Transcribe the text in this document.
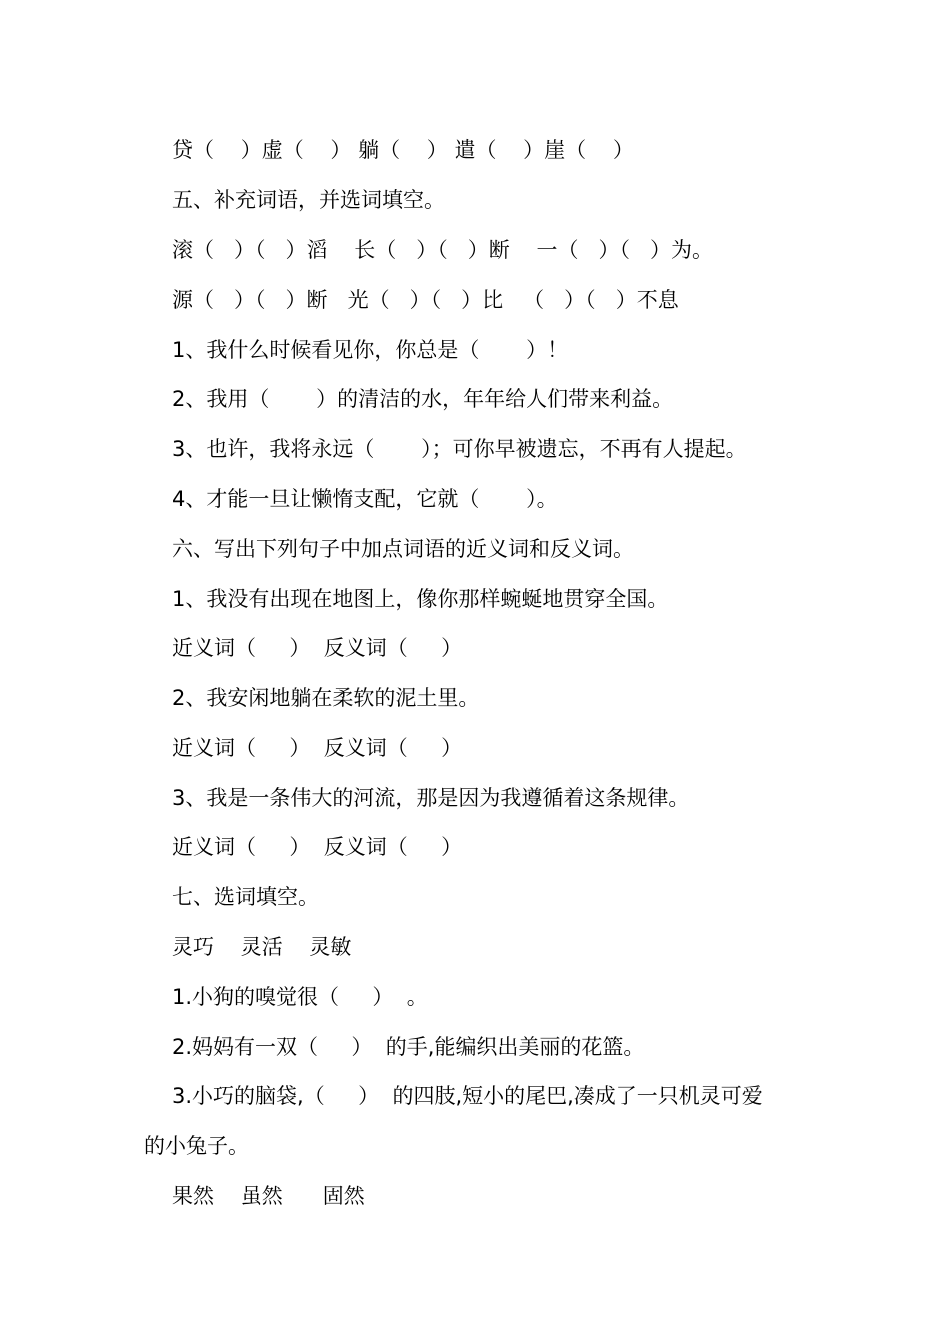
贷（    ）虚（    ） 躺（    ） 遣（    ）崖（    ）

五、补充词语，并选词填空。

滚（   ）（   ）滔    长（   ）（   ）断    一（   ）（   ）为。

源（   ）（   ）断   光（   ）（   ）比   （   ）（   ）不息

1、我什么时候看见你，你总是（       ）！

2、我用（       ）的清洁的水，年年给人们带来利益。

3、也许，我将永远（       ）；可你早被遗忘，不再有人提起。

4、才能一旦让懒惰支配，它就（       ）。

六、写出下列句子中加点词语的近义词和反义词。

1、我没有出现在地图上，像你那样蜿蜒地贯穿全国。

近义词（     ）  反义词（     ）

2、我安闲地躺在柔软的泥土里。

近义词（     ）  反义词（     ）

3、我是一条伟大的河流，那是因为我遵循着这条规律。

近义词（     ）  反义词（     ）

七、选词填空。

灵巧    灵活    灵敏

1.小狗的嗅觉很（     ）  。

2.妈妈有一双（     ）  的手,能编织出美丽的花篮。

3.小巧的脑袋,（     ）  的四肢,短小的尾巴,凑成了一只机灵可爱

的小兔子。

果然    虽然      固然
